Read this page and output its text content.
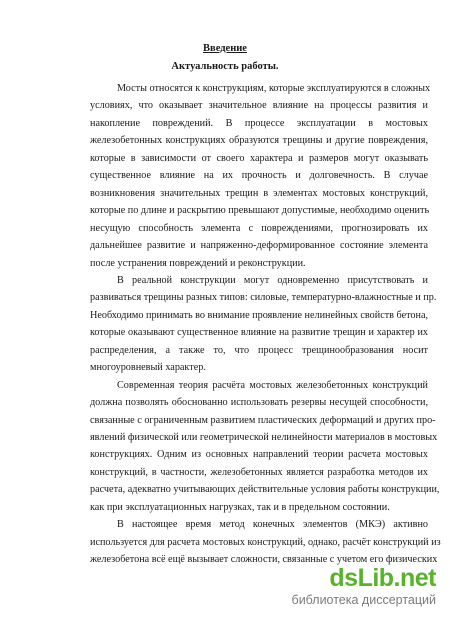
Введение
Актуальность работы.
Мосты относятся к конструкциям, которые эксплуатируются в сложных
условиях, что оказывает значительное влияние на процессы развития и
накопление повреждений. В процессе эксплуатации в мостовых
железобетонных конструкциях образуются трещины и другие повреждения,
которые в зависимости от своего характера и размеров могут оказывать
существенное влияние на их прочность и долговечность. В случае
возникновения значительных трещин в элементах мостовых конструкций,
которые по длине и раскрытию превышают допустимые, необходимо оценить
несущую способность элемента с повреждениями, прогнозировать их
дальнейшее развитие и напряженно-деформированное состояние элемента
после устранения повреждений и реконструкции.
В реальной конструкции могут одновременно присутствовать и
развиваться трещины разных типов: силовые, температурно-влажностные и пр.
Необходимо принимать во внимание проявление нелинейных свойств бетона,
которые оказывают существенное влияние на развитие трещин и характер их
распределения, а также то, что процесс трещинообразования носит
многоуровневый характер.
Современная теория расчёта мостовых железобетонных конструкций
должна позволять обоснованно использовать резервы несущей способности,
связанные с ограниченным развитием пластических деформаций и других про-
явлений физической или геометрической нелинейности материалов в мостовых
конструкциях. Одним из основных направлений теории расчета мостовых
конструкций, в частности, железобетонных является разработка методов их
расчета, адекватно учитывающих действительные условия работы конструкции,
как при эксплуатационных нагрузках, так и в предельном состоянии.
В настоящее время метод конечных элементов (МКЭ) активно
используется для расчета мостовых конструкций, однако, расчёт конструкций из
железобетона всё ещё вызывает сложности, связанные с учетом его физических
dsLib.net
библиотека диссертаций
